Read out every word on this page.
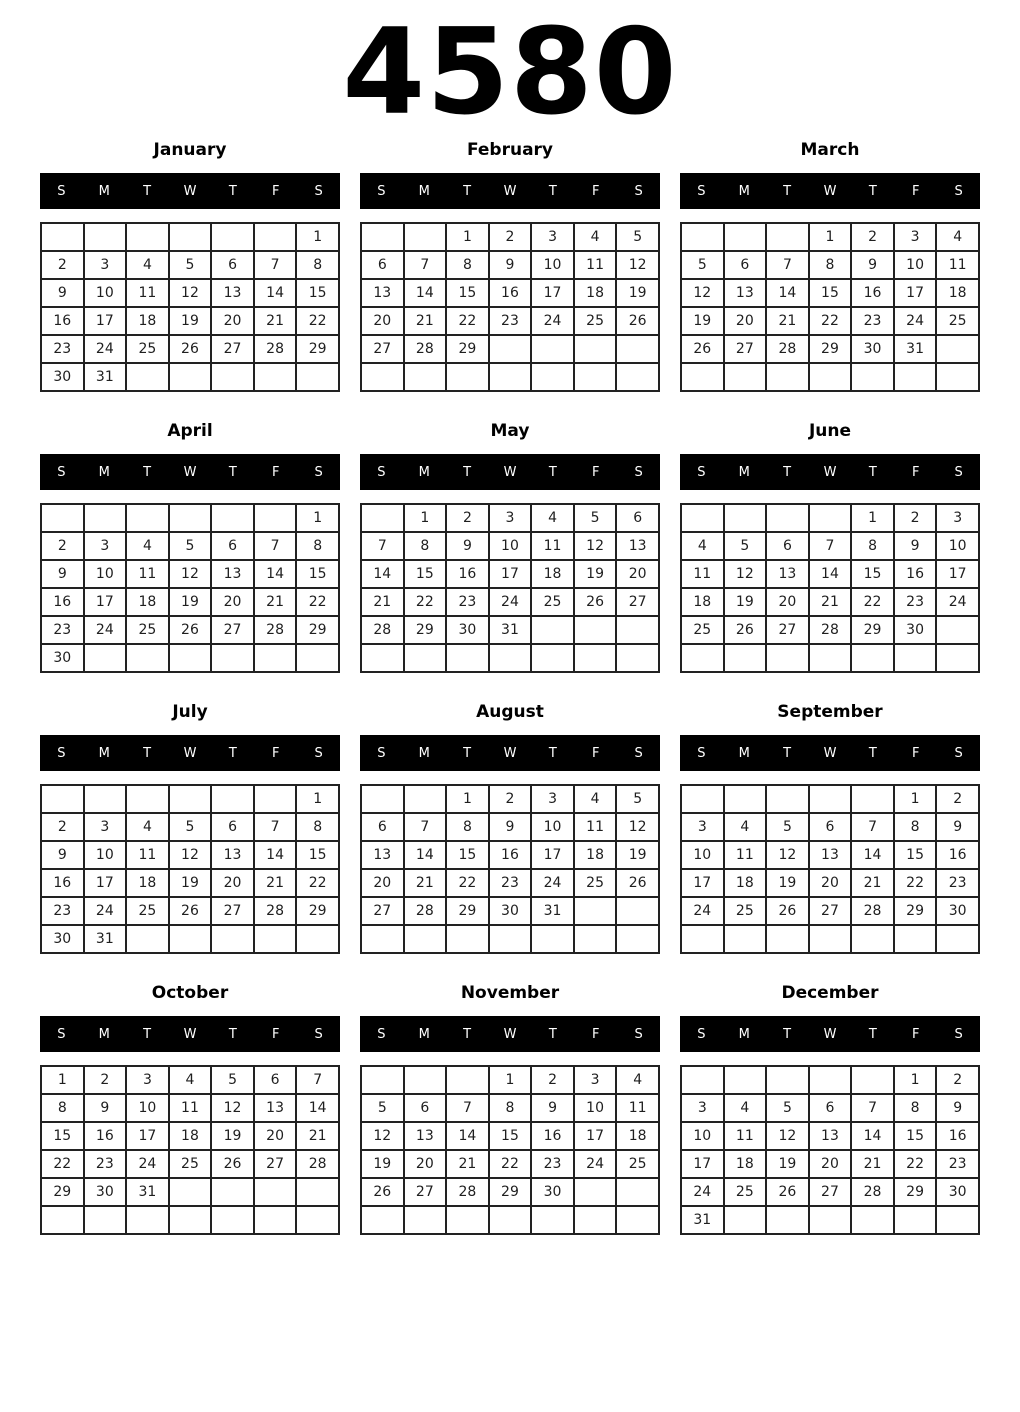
4580
January
S	M	T	W	T	F	S
						1
2	3	4	5	6	7	8
9	10	11	12	13	14	15
16	17	18	19	20	21	22
23	24	25	26	27	28	29
30	31					
February
S	M	T	W	T	F	S
		1	2	3	4	5
6	7	8	9	10	11	12
13	14	15	16	17	18	19
20	21	22	23	24	25	26
27	28	29				

March
S	M	T	W	T	F	S
			1	2	3	4
5	6	7	8	9	10	11
12	13	14	15	16	17	18
19	20	21	22	23	24	25
26	27	28	29	30	31	

April
S	M	T	W	T	F	S
						1
2	3	4	5	6	7	8
9	10	11	12	13	14	15
16	17	18	19	20	21	22
23	24	25	26	27	28	29
30						
May
S	M	T	W	T	F	S
	1	2	3	4	5	6
7	8	9	10	11	12	13
14	15	16	17	18	19	20
21	22	23	24	25	26	27
28	29	30	31			

June
S	M	T	W	T	F	S
				1	2	3
4	5	6	7	8	9	10
11	12	13	14	15	16	17
18	19	20	21	22	23	24
25	26	27	28	29	30	

July
S	M	T	W	T	F	S
						1
2	3	4	5	6	7	8
9	10	11	12	13	14	15
16	17	18	19	20	21	22
23	24	25	26	27	28	29
30	31					
August
S	M	T	W	T	F	S
		1	2	3	4	5
6	7	8	9	10	11	12
13	14	15	16	17	18	19
20	21	22	23	24	25	26
27	28	29	30	31		

September
S	M	T	W	T	F	S
					1	2
3	4	5	6	7	8	9
10	11	12	13	14	15	16
17	18	19	20	21	22	23
24	25	26	27	28	29	30

October
S	M	T	W	T	F	S
1	2	3	4	5	6	7
8	9	10	11	12	13	14
15	16	17	18	19	20	21
22	23	24	25	26	27	28
29	30	31				

November
S	M	T	W	T	F	S
			1	2	3	4
5	6	7	8	9	10	11
12	13	14	15	16	17	18
19	20	21	22	23	24	25
26	27	28	29	30		

December
S	M	T	W	T	F	S
					1	2
3	4	5	6	7	8	9
10	11	12	13	14	15	16
17	18	19	20	21	22	23
24	25	26	27	28	29	30
31						
